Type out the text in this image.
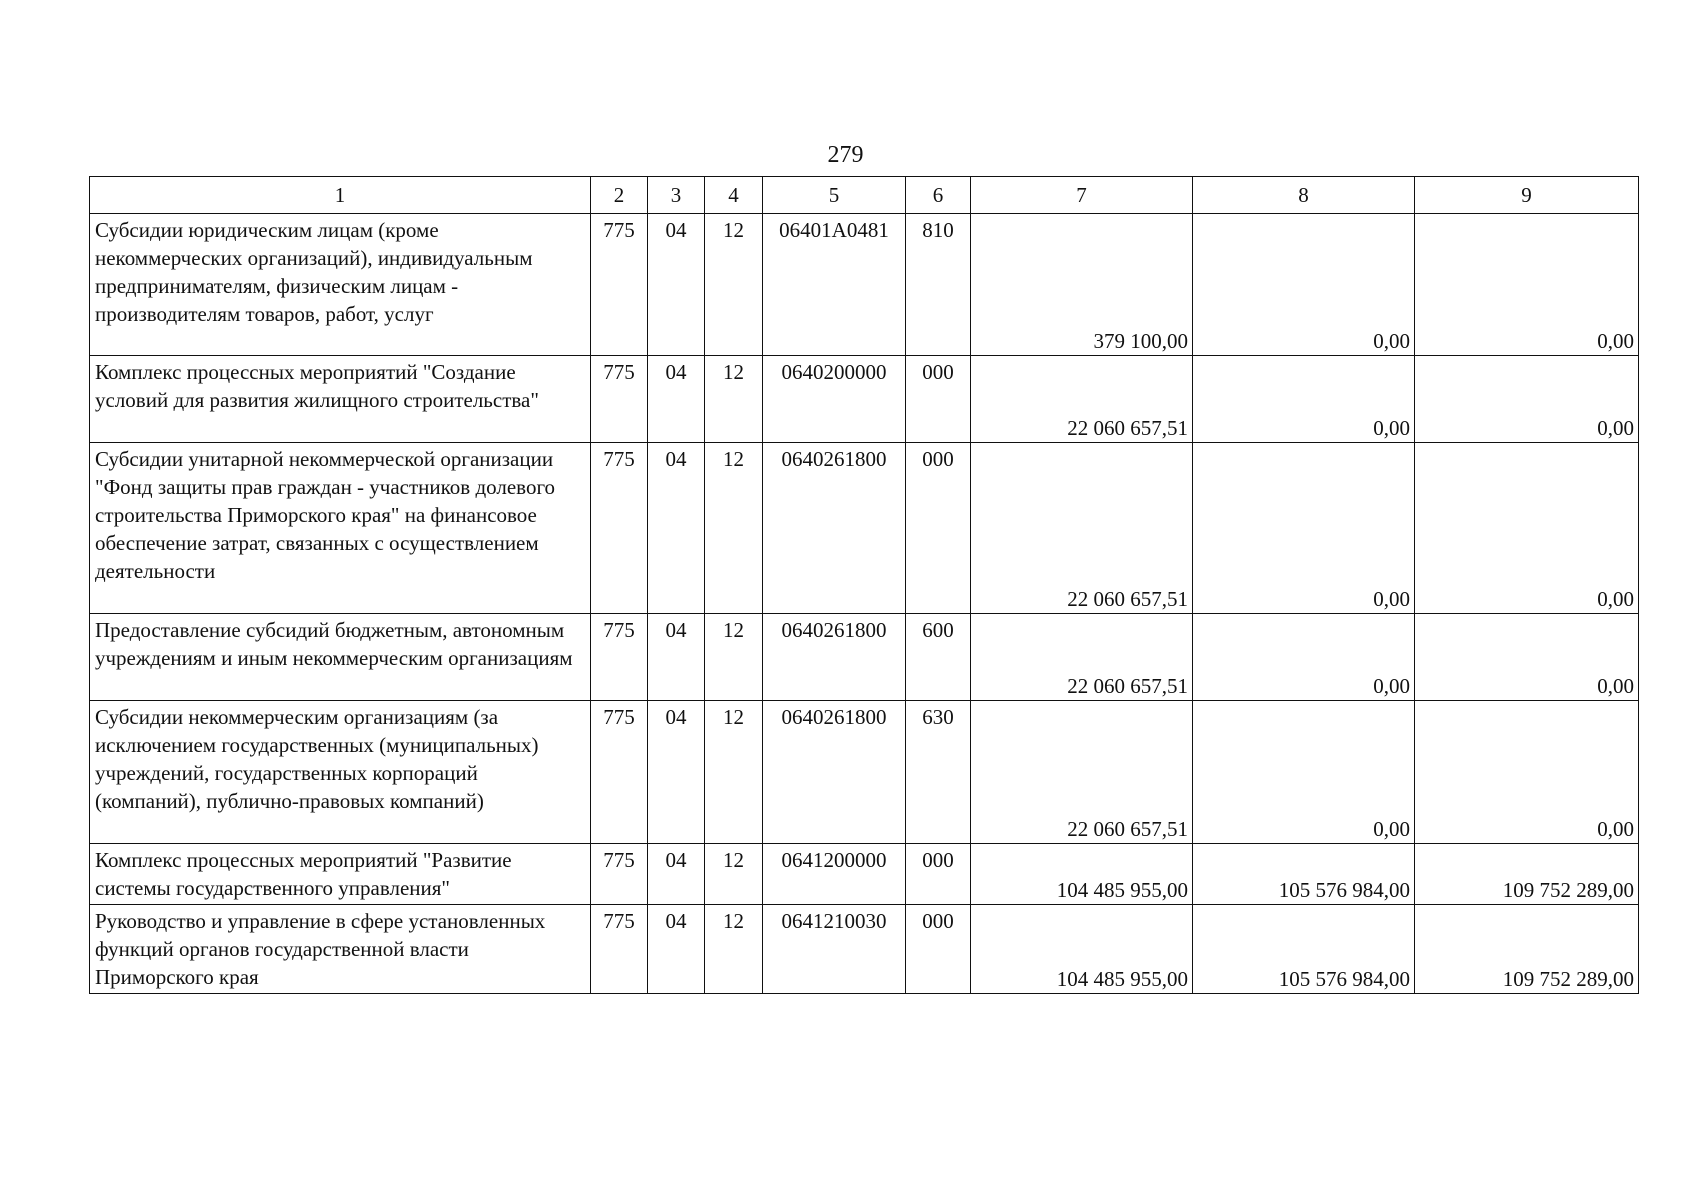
279
1	2	3	4	5	6	7	8	9
Субсидии юридическим лицам (кроме некоммерческих организаций), индивидуальным предпринимателям, физическим лицам - производителям товаров, работ, услуг	775	04	12	06401A0481	810	379 100,00	0,00	0,00
Комплекс процессных мероприятий "Создание условий для развития жилищного строительства"	775	04	12	0640200000	000	22 060 657,51	0,00	0,00
Субсидии унитарной некоммерческой организации "Фонд защиты прав граждан - участников долевого строительства Приморского края" на финансовое обеспечение затрат, связанных с осуществлением деятельности	775	04	12	0640261800	000	22 060 657,51	0,00	0,00
Предоставление субсидий бюджетным, автономным учреждениям и иным некоммерческим организациям	775	04	12	0640261800	600	22 060 657,51	0,00	0,00
Субсидии некоммерческим организациям (за исключением государственных (муниципальных) учреждений, государственных корпораций (компаний), публично-правовых компаний)	775	04	12	0640261800	630	22 060 657,51	0,00	0,00
Комплекс процессных мероприятий "Развитие системы государственного управления"	775	04	12	0641200000	000	104 485 955,00	105 576 984,00	109 752 289,00
Руководство и управление в сфере установленных функций органов государственной власти Приморского края	775	04	12	0641210030	000	104 485 955,00	105 576 984,00	109 752 289,00
